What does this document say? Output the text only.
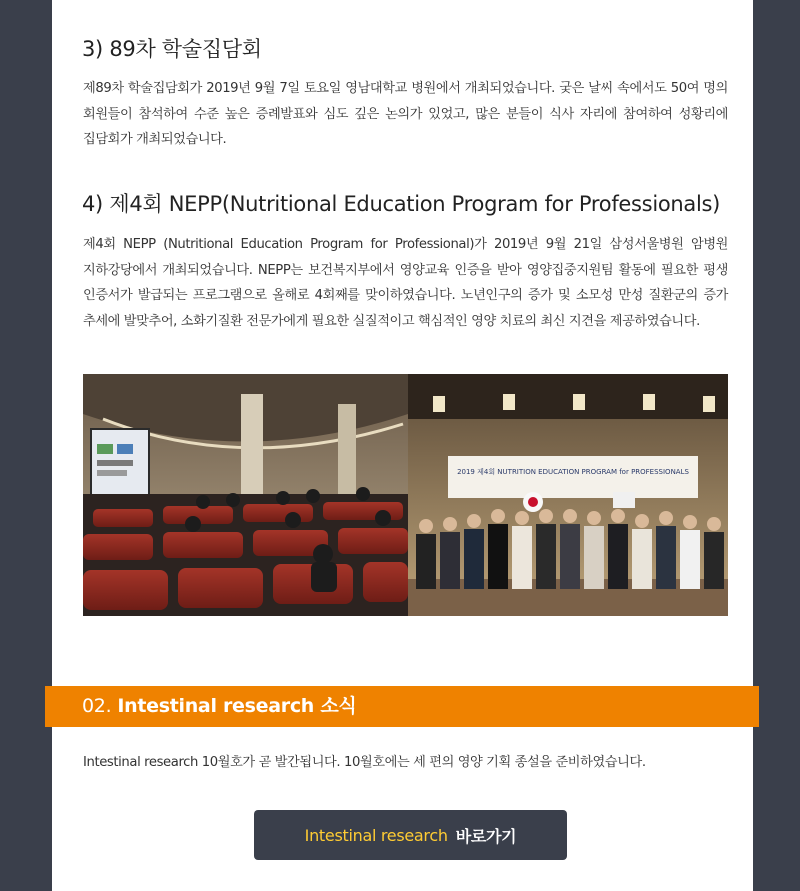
3) 89차 학술집담회

제89차 학술집담회가 2019년 9월 7일 토요일 영남대학교 병원에서 개최되었습니다. 궂은 날씨 속에서도 50여 명의 회원들이 참석하여 수준 높은 증례발표와 심도 깊은 논의가 있었고, 많은 분들이 식사 자리에 참여하여 성황리에 집담회가 개최되었습니다.

4) 제4회 NEPP(Nutritional Education Program for Professionals)

제4회 NEPP (Nutritional Education Program for Professional)가 2019년 9월 21일 삼성서울병원 암병원 지하강당에서 개최되었습니다. NEPP는 보건복지부에서 영양교육 인증을 받아 영양집중지원팀 활동에 필요한 평생 인증서가 발급되는 프로그램으로 올해로 4회째를 맞이하였습니다. 노년인구의 증가 및 소모성 만성 질환군의 증가 추세에 발맞추어, 소화기질환 전문가에게 필요한 실질적이고 핵심적인 영양 치료의 최신 지견을 제공하였습니다.

2019 제4회 NUTRITION EDUCATION PROGRAM for PROFESSIONALS
02. Intestinal research 소식

Intestinal research 10월호가 곧 발간됩니다. 10월호에는 세 편의 영양 기획 종설을 준비하였습니다.

Intestinal research 바로가기
